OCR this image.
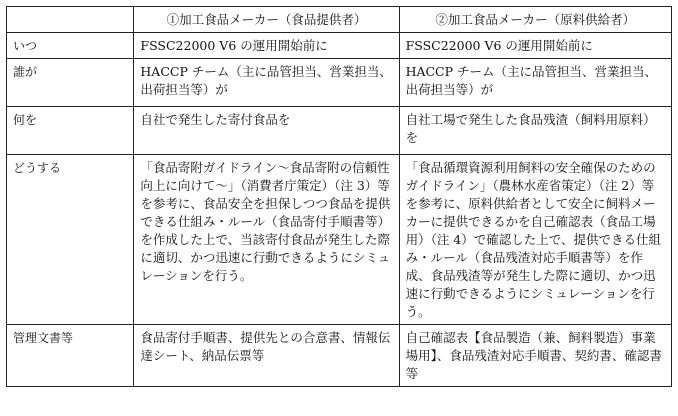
	①加工食品メーカー（食品提供者）	②加工食品メーカー（原料供給者）
いつ	FSSC22000 V6 の運用開始前に	FSSC22000 V6 の運用開始前に
誰が	HACCP チーム（主に品管担当、営業担当、出荷担当等）が	HACCP チーム（主に品管担当、営業担当、出荷担当等）が
何を	自社で発生した寄付食品を	自社工場で発生した食品残渣（飼料用原料）を
どうする	「食品寄附ガイドライン～食品寄附の信頼性向上に向けて～」（消費者庁策定）（注 3）等を参考に、食品安全を担保しつつ食品を提供できる仕組み・ルール（食品寄付手順書等）を作成した上で、当該寄付食品が発生した際に適切、かつ迅速に行動できるようにシミュレーションを行う。	「食品循環資源利用飼料の安全確保のためのガイドライン」（農林水産省策定）（注 2）等を参考に、原料供給者として安全に飼料メーカーに提供できるかを自己確認表（食品工場用）（注 4）で確認した上で、提供できる仕組み・ルール（食品残渣対応手順書等）を作成、食品残渣等が発生した際に適切、かつ迅速に行動できるようにシミュレーションを行う。
管理文書等	食品寄付手順書、提供先との合意書、情報伝達シート、納品伝票等	自己確認表【食品製造（兼、飼料製造）事業場用】、食品残渣対応手順書、契約書、確認書等
